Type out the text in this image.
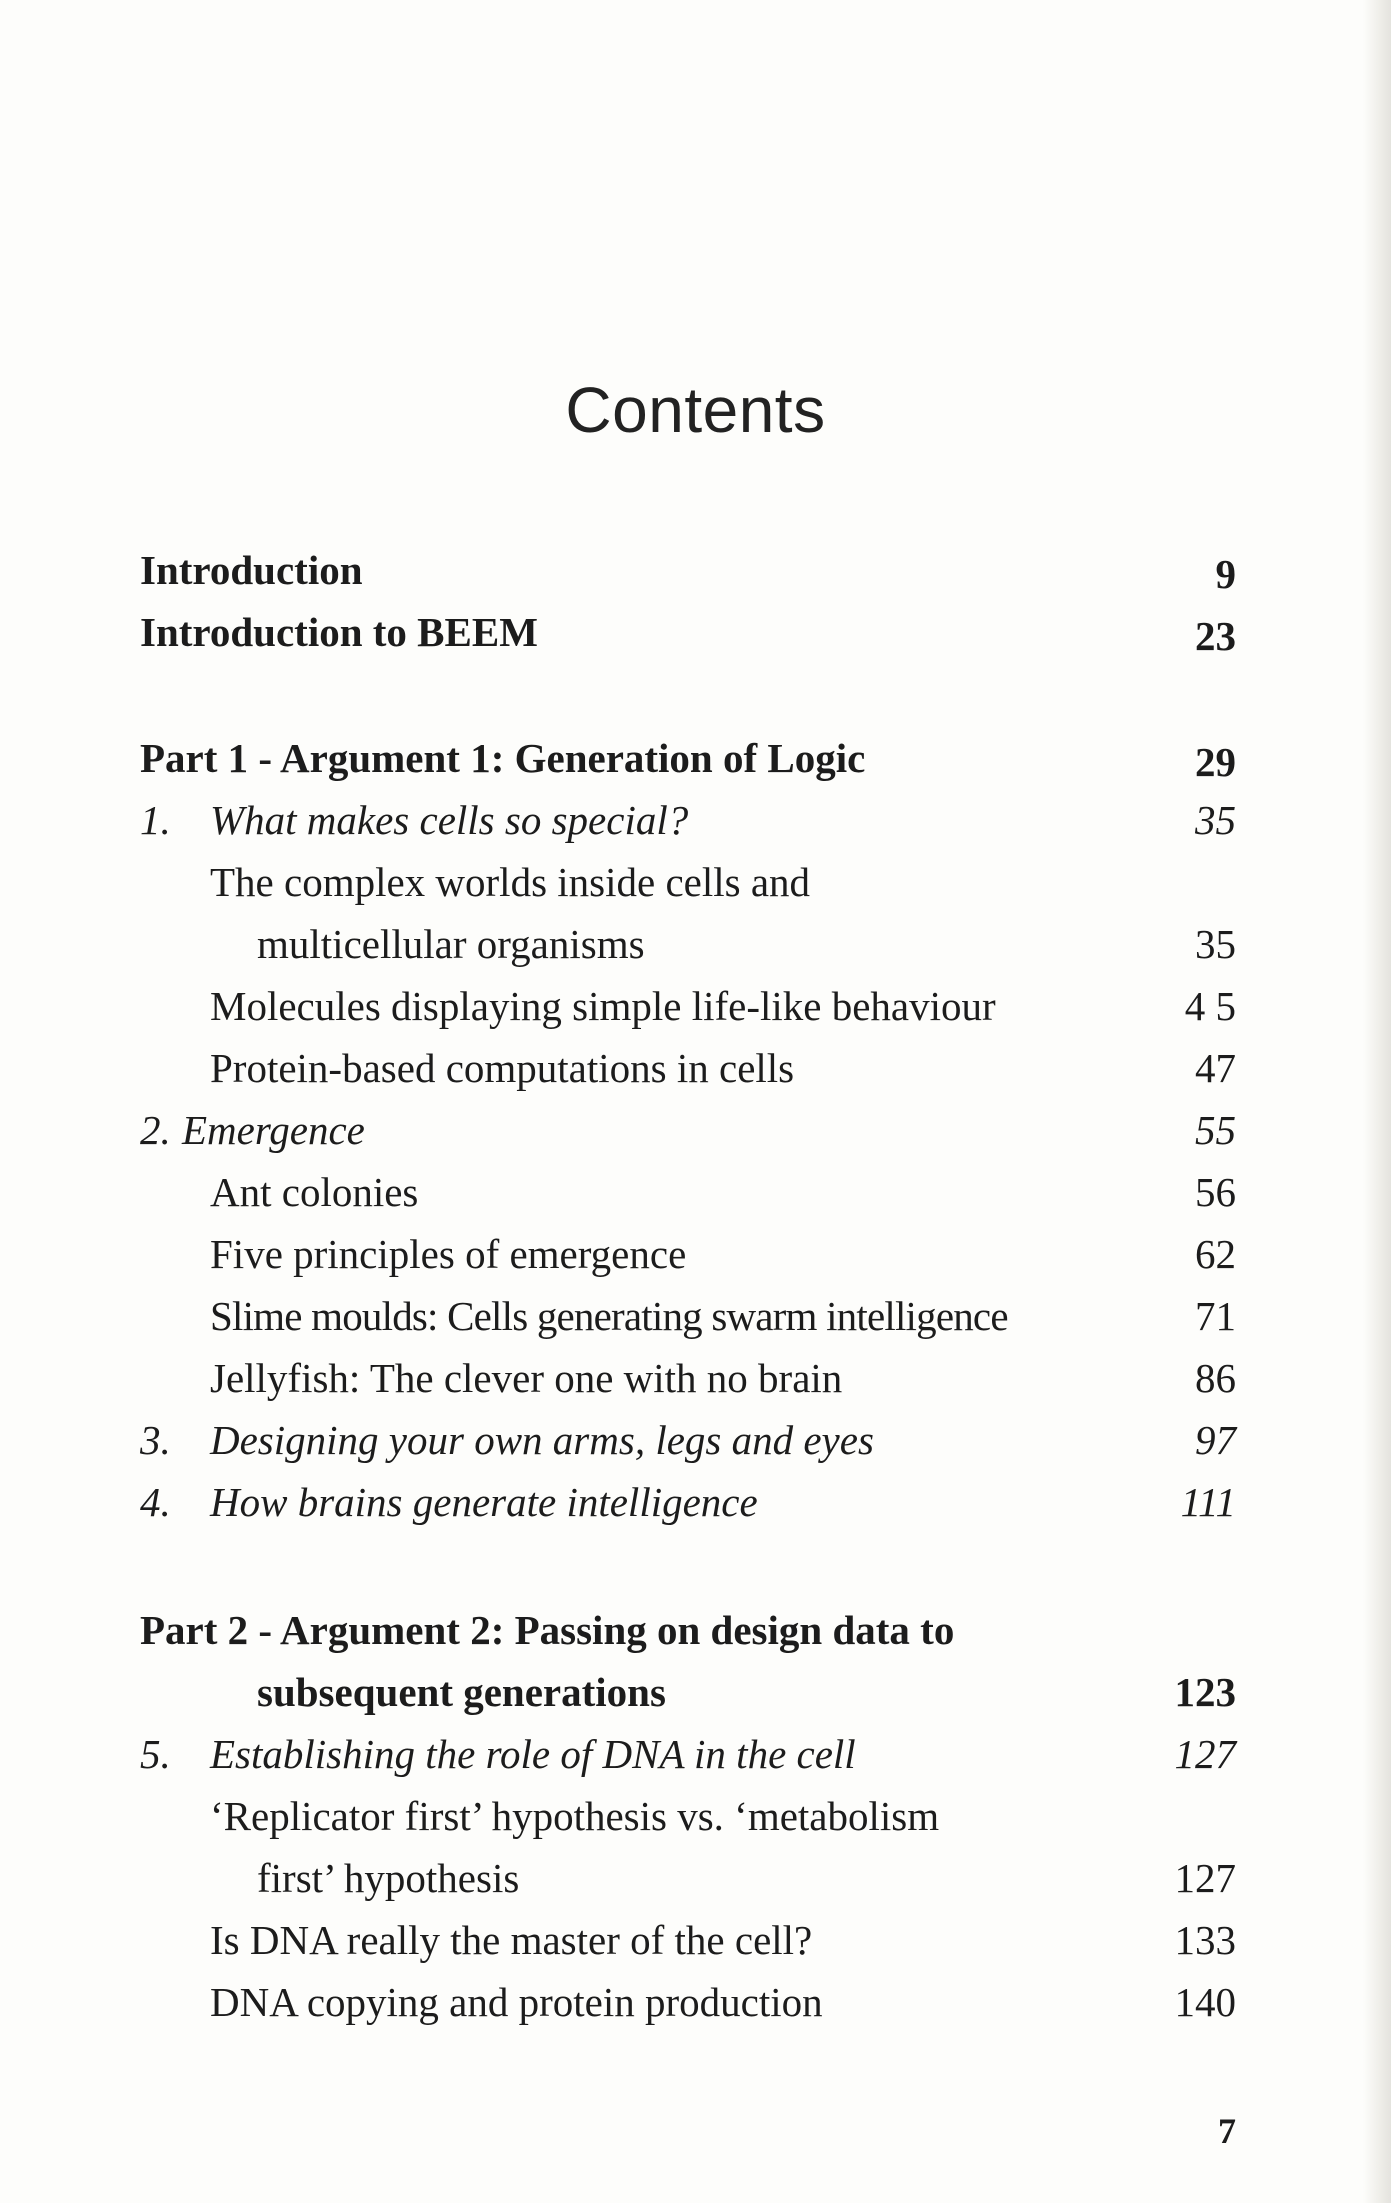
Contents
Introduction	9
Introduction to BEEM	23
Part 1 - Argument 1: Generation of Logic	29
1. What makes cells so special?	35
The complex worlds inside cells and
multicellular organisms	35
Molecules displaying simple life-like behaviour	4 5
Protein-based computations in cells	47
2. Emergence	55
Ant colonies	56
Five principles of emergence	62
Slime moulds: Cells generating swarm intelligence	71
Jellyfish: The clever one with no brain	86
3. Designing your own arms, legs and eyes	97
4. How brains generate intelligence	111
Part 2 - Argument 2: Passing on design data to
subsequent generations	123
5. Establishing the role of DNA in the cell	127
‘Replicator first’ hypothesis vs. ‘metabolism
first’ hypothesis	127
Is DNA really the master of the cell?	133
DNA copying and protein production	140
7
